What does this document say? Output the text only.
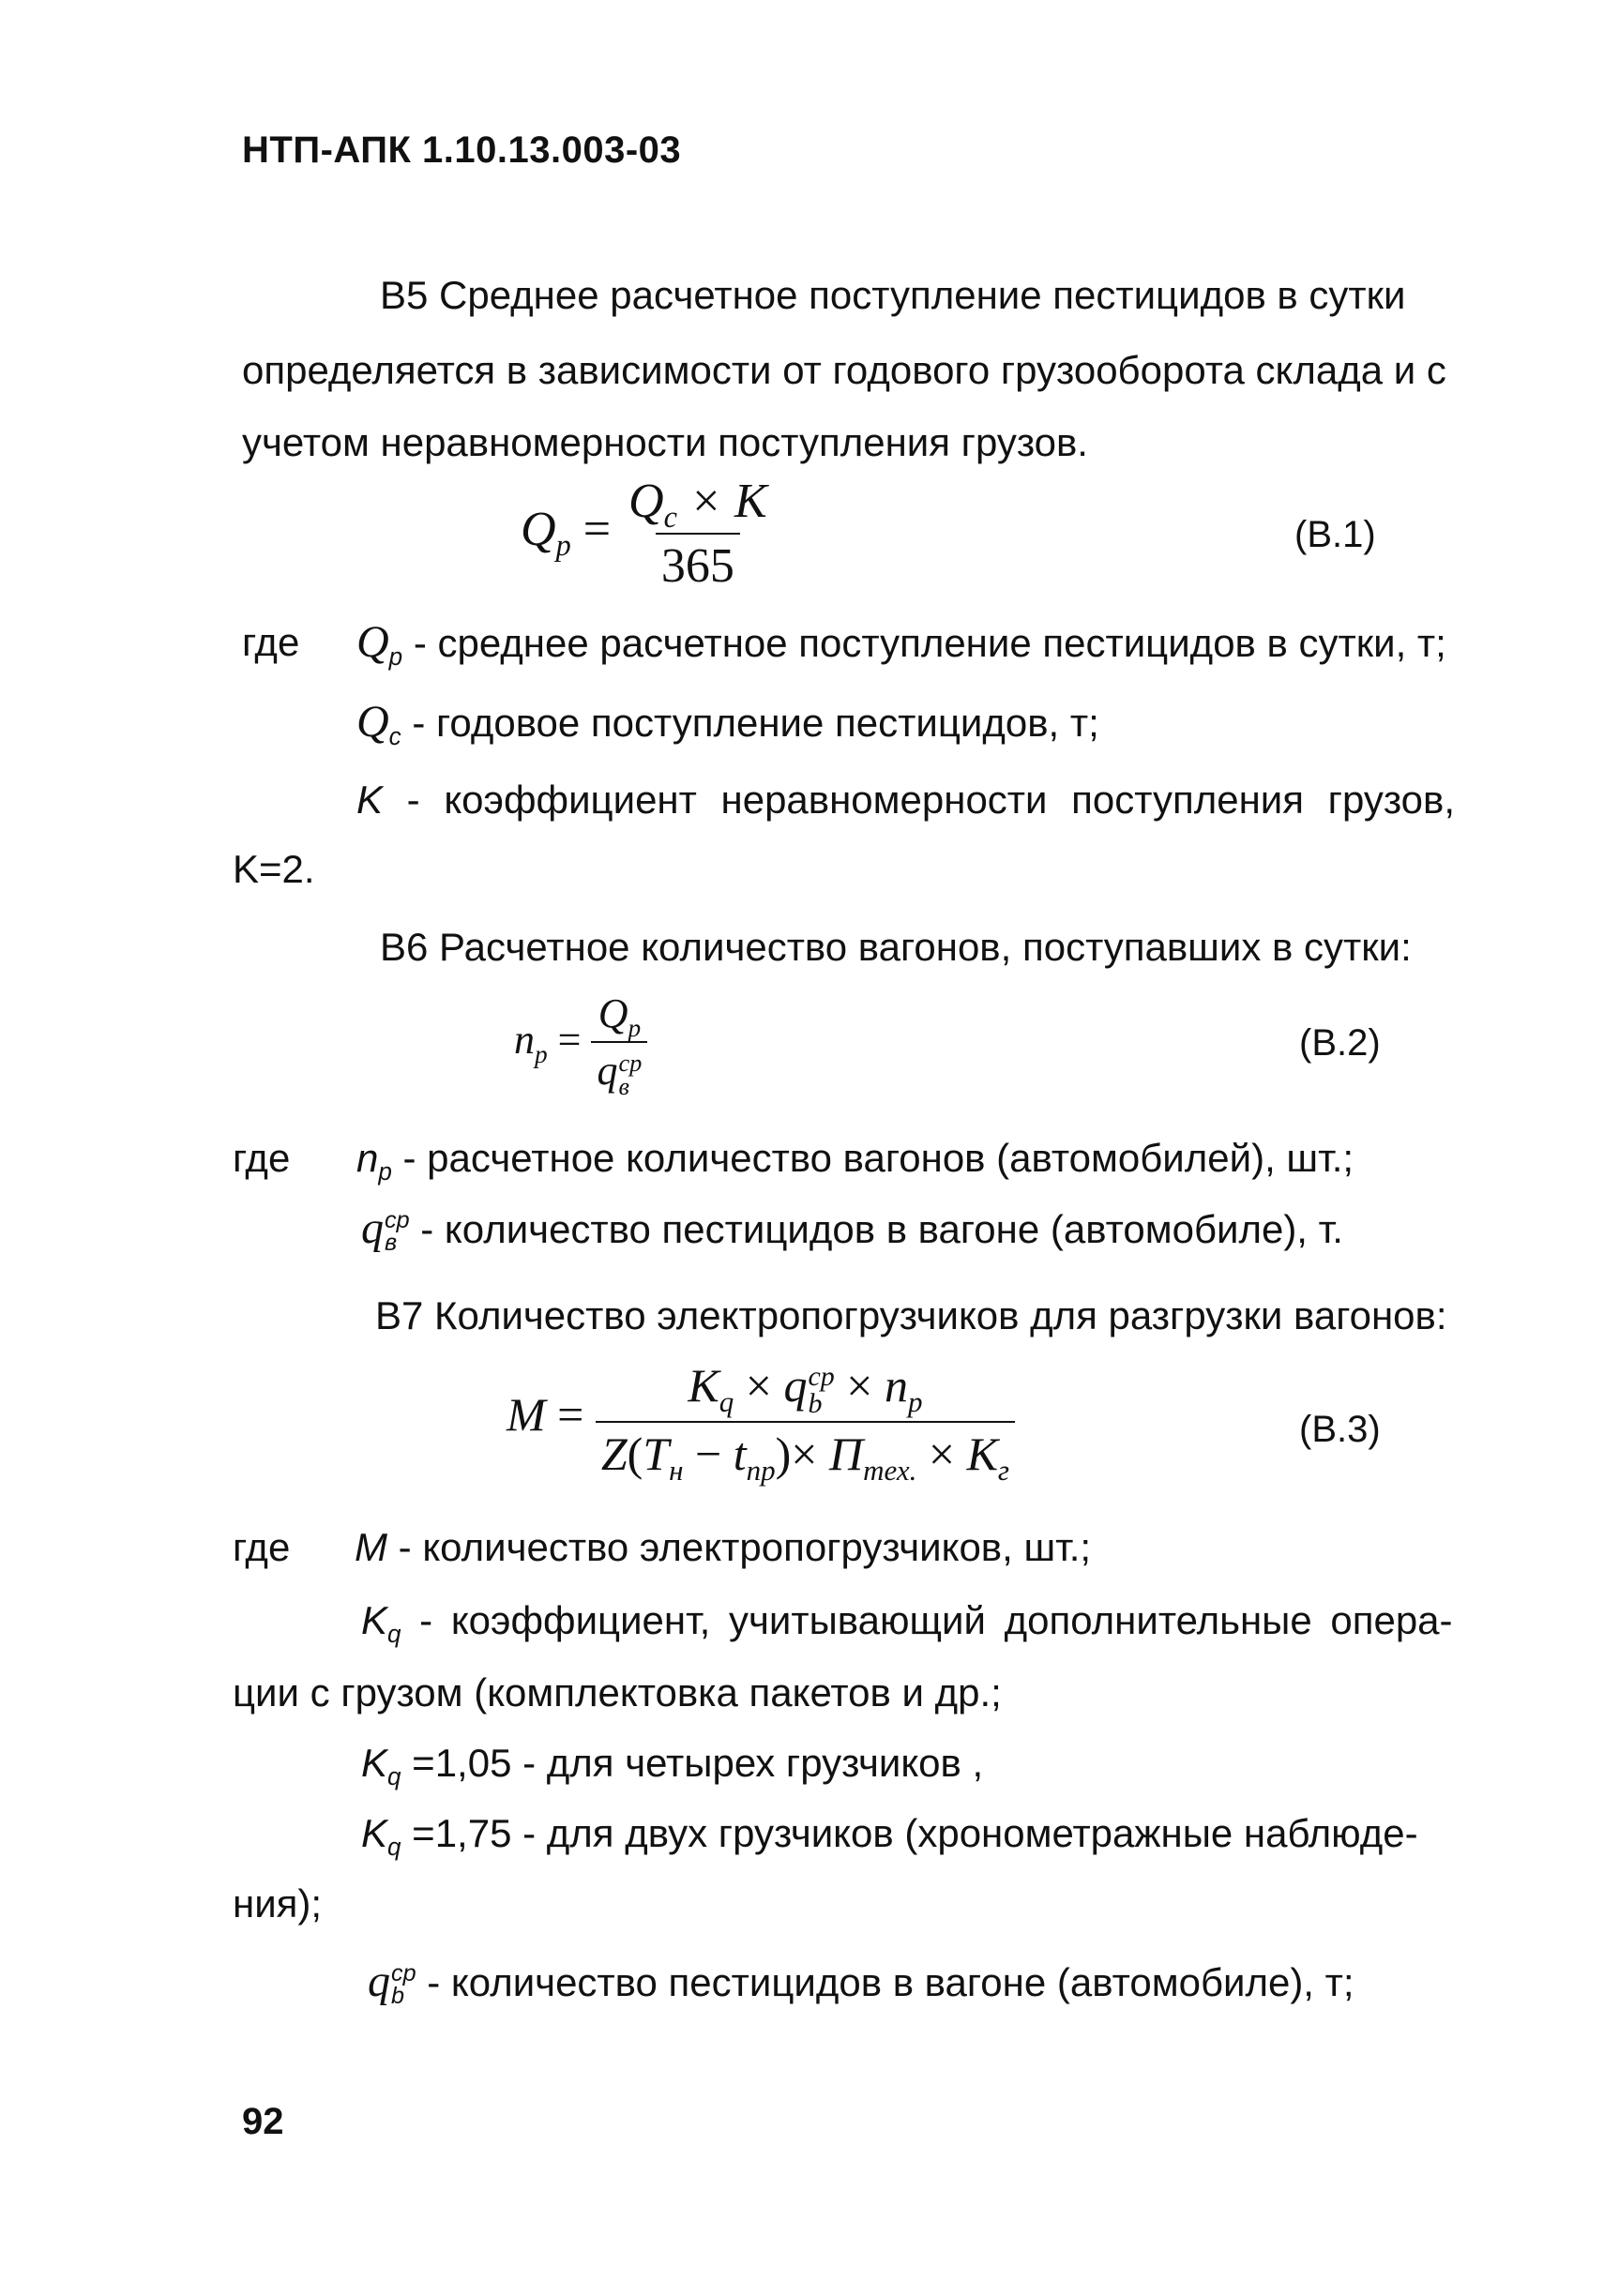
НТП-АПК 1.10.13.003-03
В5 Среднее расчетное поступление пестицидов в сутки
определяется в зависимости от годового грузооборота склада и с
учетом неравномерности поступления грузов.
$Q_p = \frac{Q_c \times K}{365}$	(B.1)
где $Q_p$ - среднее расчетное поступление пестицидов в сутки, т;
$Q_c$ - годовое поступление пестицидов, т;
K - коэффициент неравномерности поступления грузов,
K=2.
В6 Расчетное количество вагонов, поступавших в сутки:
$n_p = Q_p$
q cp
в	(B.2)
где $n_p$ - расчетное количество вагонов (автомобилей), шт.;
q cp
в - количество пестицидов в вагоне (автомобиле), т.
В7 Количество электропогрузчиков для разгрузки вагонов:
$M = K_q \times q$ cp
$b \times n_p$
$Z(T_н - t_{пр})\times П_{тех.} \times K_г$	(B.3)
где M - количество электропогрузчиков, шт.;
$K_q$ - коэффициент, учитывающий дополнительные опера-
ции с грузом (комплектовка пакетов и др.;
$K_q =1,05$ - для четырех грузчиков ,
$K_q =1,75$ - для двух грузчиков (хронометражные наблюде-
ния);
q cp
b - количество пестицидов в вагоне (автомобиле), т;
92
